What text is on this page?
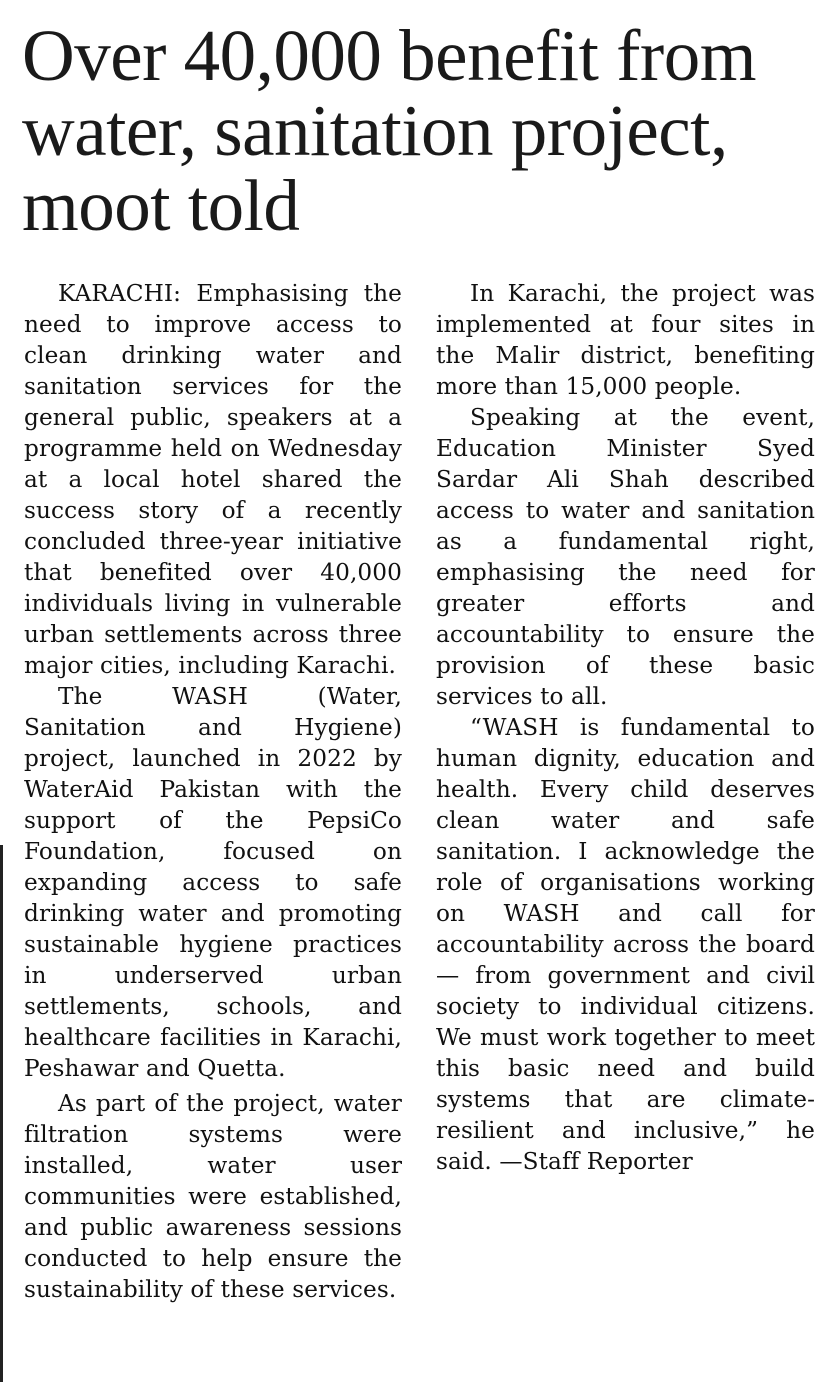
Over 40,000 benefit from water, sanitation project, moot told

KARACHI: Emphasising the need to improve access to clean drinking water and sanitation services for the general public, speakers at a programme held on Wednesday at a local hotel shared the success story of a recently concluded three-year initiative that benefited over 40,000 individuals living in vulnerable urban settlements across three major cities, including Karachi.

The WASH (Water, Sanitation and Hygiene) project, launched in 2022 by WaterAid Pakistan with the support of the PepsiCo Foundation, focused on expanding access to safe drinking water and promoting sustainable hygiene practices in underserved urban settlements, schools, and healthcare facilities in Karachi, Peshawar and Quetta.

As part of the project, water filtration systems were installed, water user communities were established, and public awareness sessions conducted to help ensure the sustainability of these services.

In Karachi, the project was implemented at four sites in the Malir district, benefiting more than 15,000 people.

Speaking at the event, Education Minister Syed Sardar Ali Shah described access to water and sanitation as a fundamental right, emphasising the need for greater efforts and accountability to ensure the provision of these basic services to all.

“WASH is fundamental to human dignity, education and health. Every child deserves clean water and safe sanitation. I acknowledge the role of organisations working on WASH and call for accountability across the board — from government and civil society to individual citizens. We must work together to meet this basic need and build systems that are climate-resilient and inclusive,” he said. —Staff Reporter
